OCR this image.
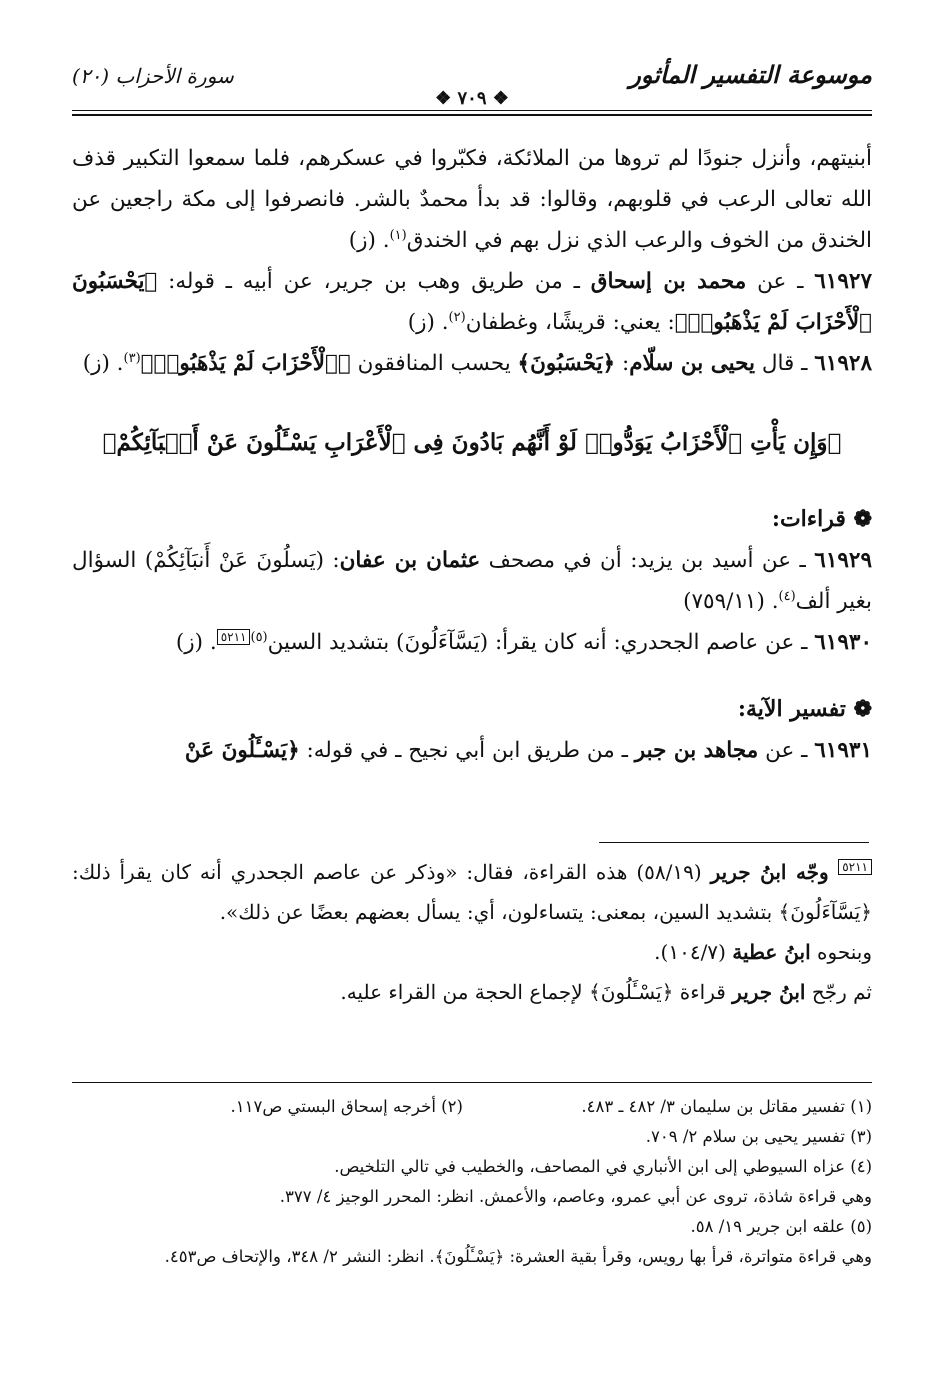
موسوعة التفسير المأثور
سورة الأحزاب (٢٠)
❖ ٧٠٩ ❖

أبنيتهم، وأنزل جنودًا لم تروها من الملائكة، فكبّروا في عسكرهم، فلما سمعوا التكبير قذف الله تعالى الرعب في قلوبهم، وقالوا: قد بدأ محمدٌ بالشر. فانصرفوا إلى مكة راجعين عن الخندق من الخوف والرعب الذي نزل بهم في الخندق$^{(١)}$. (ز)

٦١٩٢٧ ـ عن محمد بن إسحاق ـ من طريق وهب بن جرير، عن أبيه ـ قوله: ﴿يَحْسَبُونَ ٱلْأَحْزَابَ لَمْ يَذْهَبُوا۟﴾: يعني: قريشًا، وغطفان$^{(٢)}$. (ز)

٦١٩٢٨ ـ قال يحيى بن سلّام: ﴿يَحْسَبُونَ﴾ يحسب المنافقون ﴿ٱلْأَحْزَابَ لَمْ يَذْهَبُوا۟﴾$^{(٣)}$. (ز)

﴿وَإِن يَأْتِ ٱلْأَحْزَابُ يَوَدُّوا۟ لَوْ أَنَّهُم بَادُونَ فِى ٱلْأَعْرَابِ يَسْـَٔلُونَ عَنْ أَنۢبَآئِكُمْ﴾
❁ قراءات:

٦١٩٢٩ ـ عن أسيد بن يزيد: أن في مصحف عثمان بن عفان: (يَسلُونَ عَنْ أَنبَآئِكُمْ) السؤال بغير ألف$^{(٤)}$. (٧٥٩/١١)

٦١٩٣٠ ـ عن عاصم الجحدري: أنه كان يقرأ: (يَسَّآءَلُونَ) بتشديد السين$^{(٥)}$٥٢١١. (ز)

❁ تفسير الآية:

٦١٩٣١ ـ عن مجاهد بن جبر ـ من طريق ابن أبي نجيح ـ في قوله: ﴿يَسْـَٔلُونَ عَنْ

٥٢١١ وجّه ابنُ جرير (٥٨/١٩) هذه القراءة، فقال: «وذكر عن عاصم الجحدري أنه كان يقرأ ذلك: ﴿يَسَّآءَلُونَ﴾ بتشديد السين، بمعنى: يتساءلون، أي: يسأل بعضهم بعضًا عن ذلك».

وبنحوه ابنُ عطية (١٠٤/٧).

ثم رجّح ابنُ جرير قراءة ﴿يَسْـَٔلُونَ﴾ لإجماع الحجة من القراء عليه.

(١) تفسير مقاتل بن سليمان ٣/ ٤٨٢ ـ ٤٨٣.
(٢) أخرجه إسحاق البستي ص١١٧.

(٣) تفسير يحيى بن سلام ٢/ ٧٠٩.

(٤) عزاه السيوطي إلى ابن الأنباري في المصاحف، والخطيب في تالي التلخيص.

وهي قراءة شاذة، تروى عن أبي عمرو، وعاصم، والأعمش. انظر: المحرر الوجيز ٤/ ٣٧٧.

(٥) علقه ابن جرير ١٩/ ٥٨.

وهي قراءة متواترة، قرأ بها رويس، وقرأ بقية العشرة: ﴿يَسْـَٔلُونَ﴾. انظر: النشر ٢/ ٣٤٨، والإتحاف ص٤٥٣.
